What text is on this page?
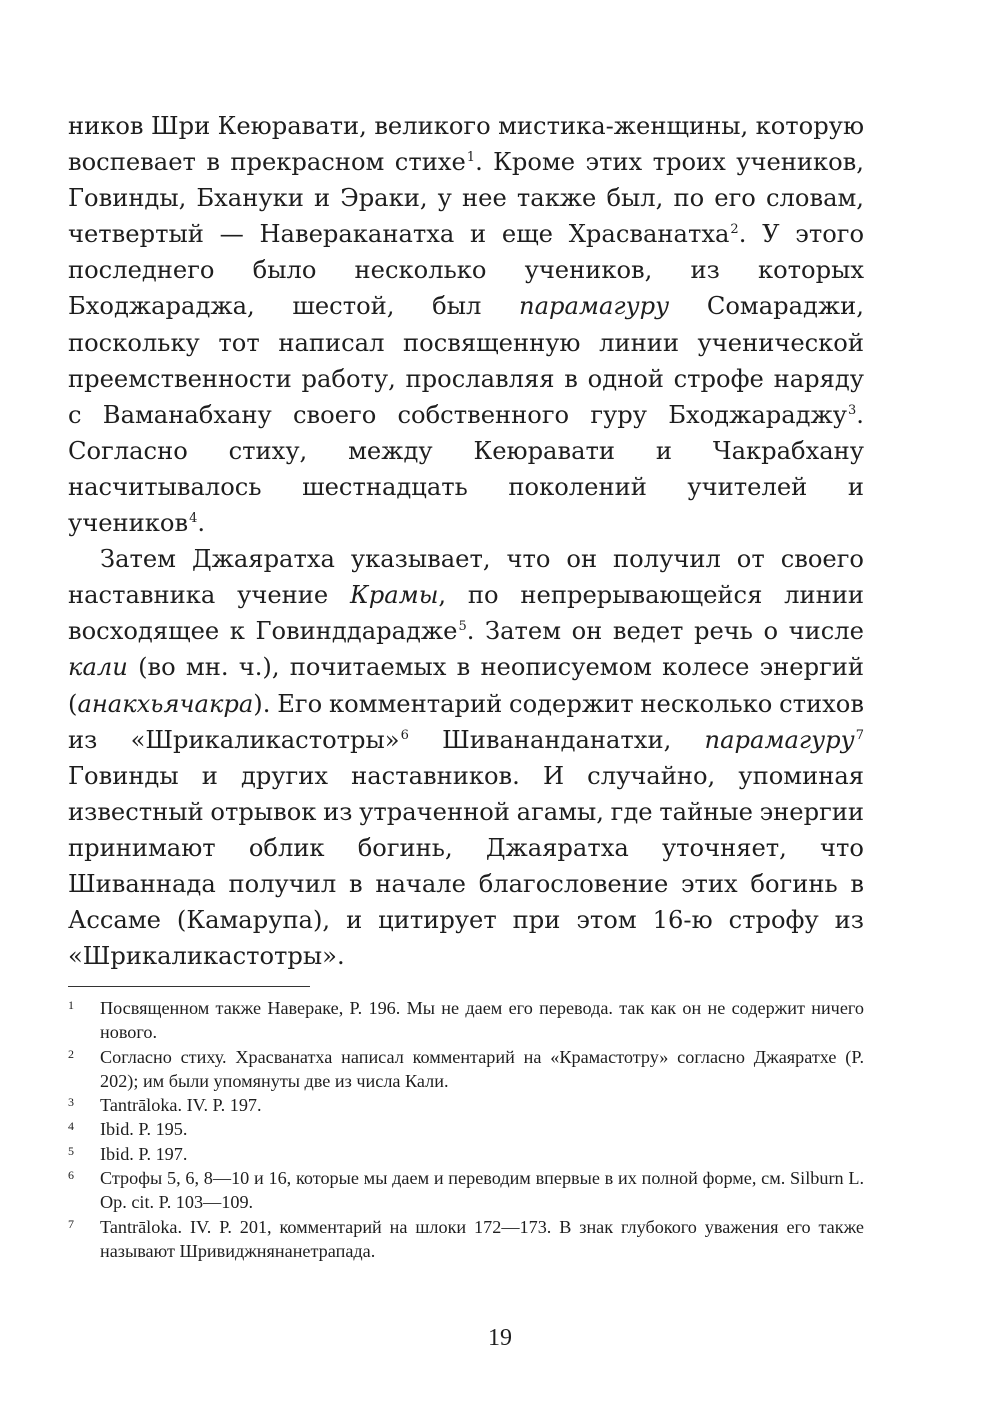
ников Шри Кеюравати, великого мистика-женщины, которую воспевает в прекрасном стихе$^1$. Кроме этих троих учеников, Говинды, Бхануки и Эраки, у нее также был, по его словам, четвертый — Навераканатха и еще Храсванатха$^2$. У этого последнего было несколько учеников, из которых Бходжараджа, шестой, был парамагуру Сомараджи, поскольку тот написал посвященную линии ученической преемственности работу, прославляя в одной строфе наряду с Ваманабхану своего собственного гуру Бходжараджу$^3$. Согласно стиху, между Кеюравати и Чакрабхану насчитывалось шестнадцать поколений учителей и учеников$^4$.

Затем Джаяратха указывает, что он получил от своего наставника учение Крамы, по непрерывающейся линии восходящее к Говинддарадже$^5$. Затем он ведет речь о числе кали (во мн. ч.), почитаемых в неописуемом колесе энергий (анакхьячакра). Его комментарий содержит несколько стихов из «Шрикаликастотры»$^6$ Шивананданатхи, парамагуру$^7$ Говинды и других наставников. И случайно, упоминая известный отрывок из утраченной агамы, где тайные энергии принимают облик богинь, Джаяратха уточняет, что Шиваннада получил в начале благословение этих богинь в Ассаме (Камарупа), и цитирует при этом 16-ю строфу из «Шрикаликастотры».

1 Посвященном также Навераке, P. 196. Мы не даем его перевода. так как он не содержит ничего нового.
2 Согласно стиху. Храсванатха написал комментарий на «Крамастотру» согласно Джаяратхе (P. 202); им были упомянуты две из числа Кали.
3 Tantrāloka. IV. P. 197.
4 Ibid. P. 195.
5 Ibid. P. 197.
6 Строфы 5, 6, 8—10 и 16, которые мы даем и переводим впервые в их полной форме, см. Silburn L. Op. cit. P. 103—109.
7 Tantrāloka. IV. P. 201, комментарий на шлоки 172—173. В знак глубокого уважения его также называют Шривиджнянанетрапада.
19
